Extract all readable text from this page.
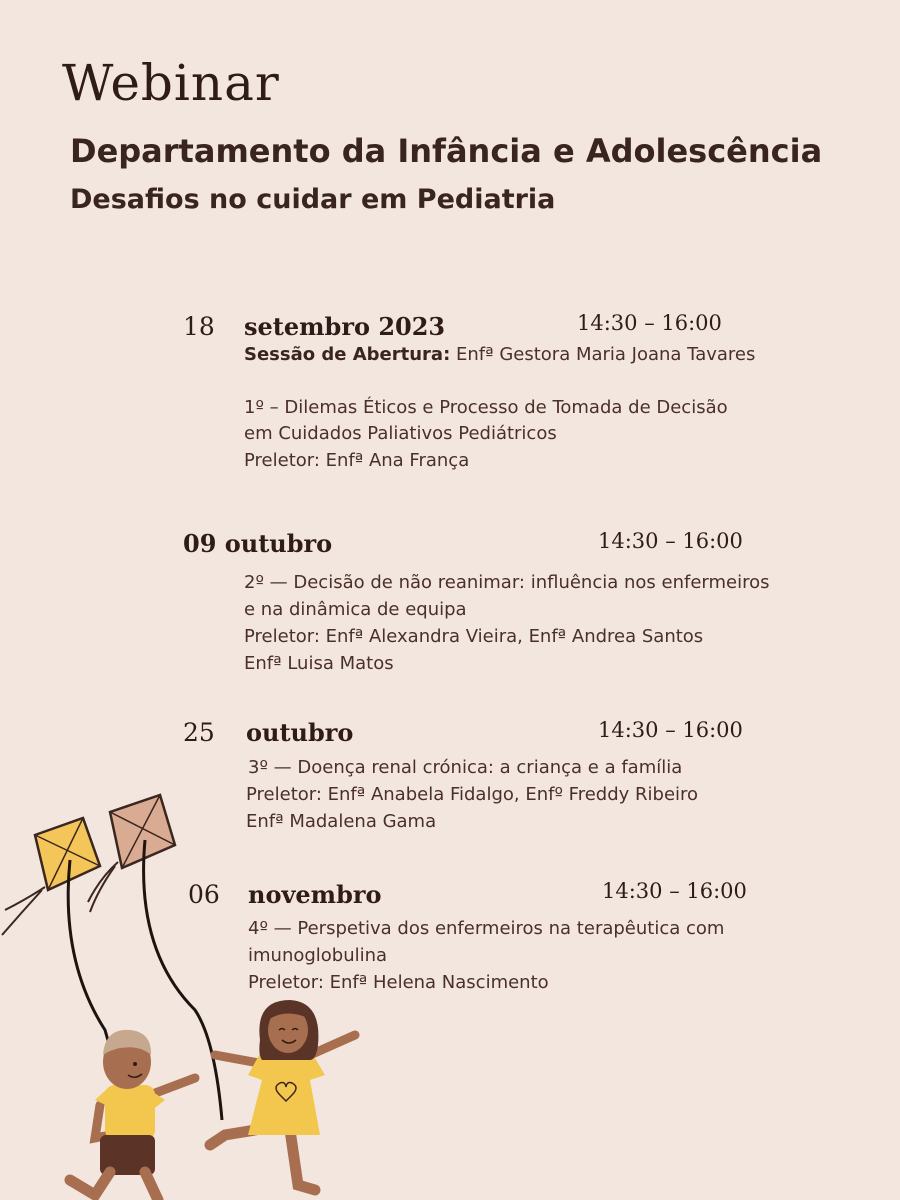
Webinar
Departamento da Infância e Adolescência
Desafios no cuidar em Pediatria
18 setembro 2023	14:30 – 16:00
Sessão de Abertura: Enfª Gestora Maria Joana Tavares
1º – Dilemas Éticos e Processo de Tomada de Decisão
em Cuidados Paliativos Pediátricos
Preletor: Enfª Ana França
09 outubro	14:30 – 16:00
2º — Decisão de não reanimar: influência nos enfermeiros
e na dinâmica de equipa
Preletor: Enfª Alexandra Vieira, Enfª Andrea Santos
Enfª Luisa Matos
25 outubro	14:30 – 16:00
3º — Doença renal crónica: a criança e a família
Preletor: Enfª Anabela Fidalgo, Enfº Freddy Ribeiro
Enfª Madalena Gama
06 novembro	14:30 – 16:00
4º — Perspetiva dos enfermeiros na terapêutica com
imunoglobulina
Preletor: Enfª Helena Nascimento
